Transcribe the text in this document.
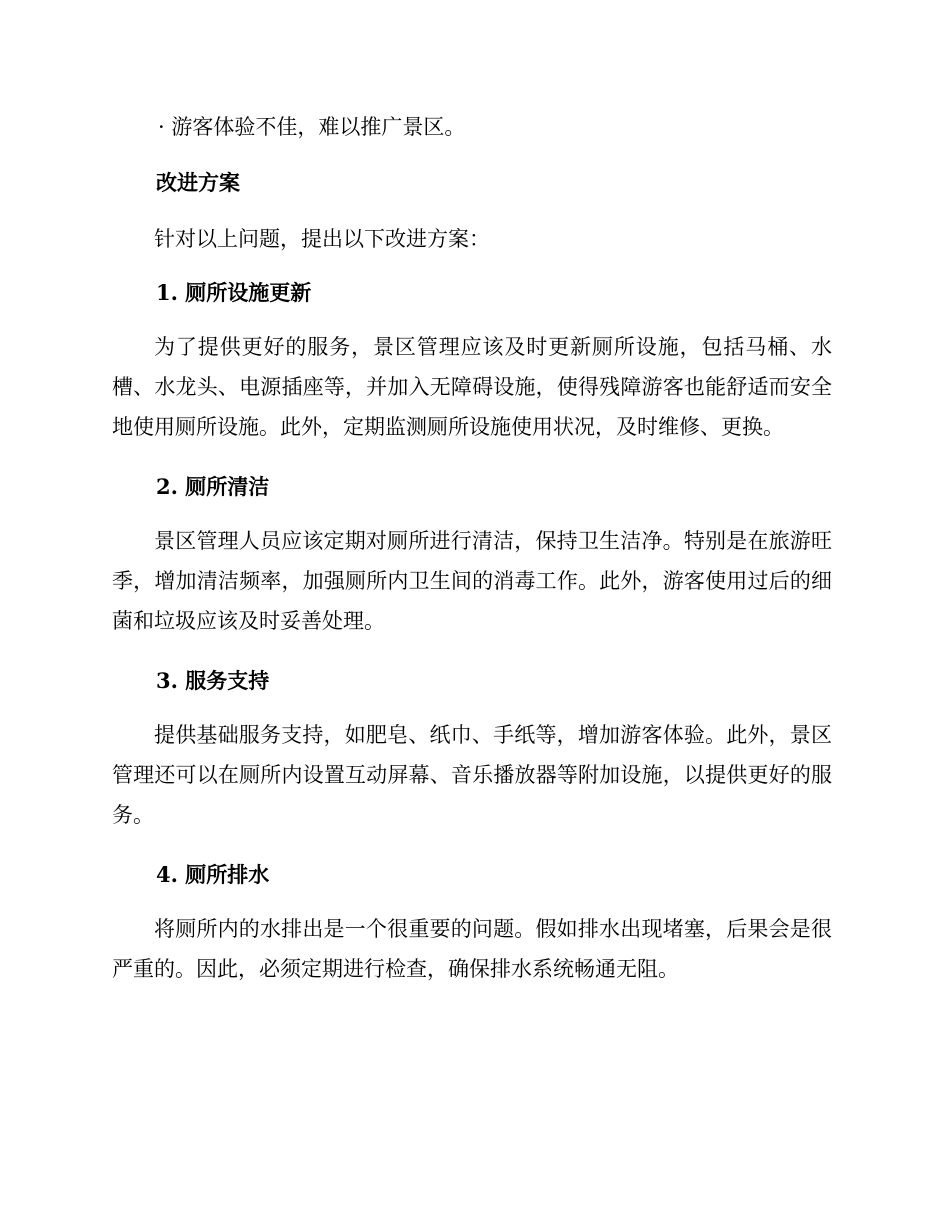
· 游客体验不佳，难以推广景区。

改进方案

针对以上问题，提出以下改进方案：

1. 厕所设施更新

为了提供更好的服务，景区管理应该及时更新厕所设施，包括马桶、水槽、水龙头、电源插座等，并加入无障碍设施，使得残障游客也能舒适而安全地使用厕所设施。此外，定期监测厕所设施使用状况，及时维修、更换。

2. 厕所清洁

景区管理人员应该定期对厕所进行清洁，保持卫生洁净。特别是在旅游旺季，增加清洁频率，加强厕所内卫生间的消毒工作。此外，游客使用过后的细菌和垃圾应该及时妥善处理。

3. 服务支持

提供基础服务支持，如肥皂、纸巾、手纸等，增加游客体验。此外，景区管理还可以在厕所内设置互动屏幕、音乐播放器等附加设施，以提供更好的服务。

4. 厕所排水

将厕所内的水排出是一个很重要的问题。假如排水出现堵塞，后果会是很严重的。因此，必须定期进行检查，确保排水系统畅通无阻。
